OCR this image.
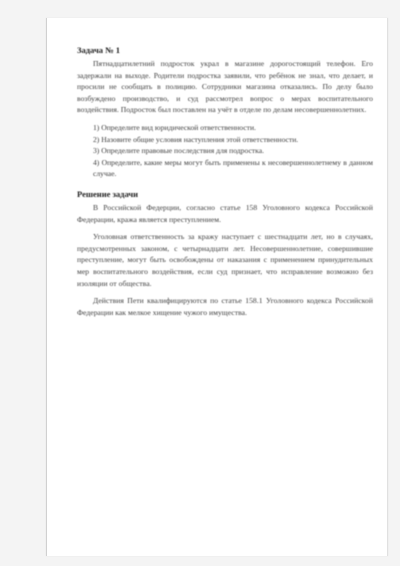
Задача № 1

Пятнадцатилетний подросток украл в магазине дорогостоящий телефон. Его задержали на выходе. Родители подростка заявили, что ребёнок не знал, что делает, и просили не сообщать в полицию. Сотрудники магазина отказались. По делу было возбуждено производство, и суд рассмотрел вопрос о мерах воспитательного воздействия. Подросток был поставлен на учёт в отделе по делам несовершеннолетних.

1) Определите вид юридической ответственности.

2) Назовите общие условия наступления этой ответственности.

3) Определите правовые последствия для подростка.

4) Определите, какие меры могут быть применены к несовершеннолетнему в данном случае.

Решение задачи

В Российской Федерции, согласно статье 158 Уголовного кодекса Российской Федерации, кража является преступлением.

Уголовная ответственность за кражу наступает с шестнадцати лет, но в случаях, предусмотренных законом, с четырнадцати лет. Несовершеннолетние, совершившие преступление, могут быть освобождены от наказания с применением принудительных мер воспитательного воздействия, если суд признает, что исправление возможно без изоляции от общества.

Действия Пети квалифицируются по статье 158.1 Уголовного кодекса Российской Федерации как мелкое хищение чужого имущества.
